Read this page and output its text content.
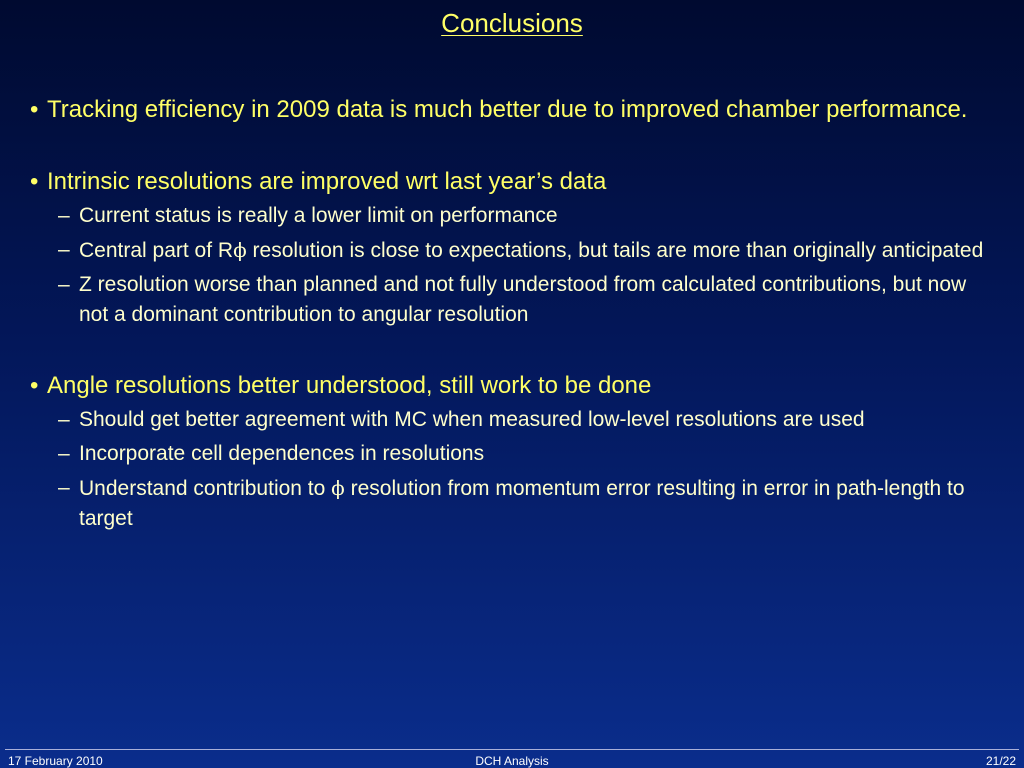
Conclusions
• Tracking efficiency in 2009 data is much better due to improved chamber performance.
• Intrinsic resolutions are improved wrt last year’s data
– Current status is really a lower limit on performance
– Central part of Rϕ resolution is close to expectations, but tails are more than originally anticipated
– Z resolution worse than planned and not fully understood from calculated contributions, but now not a dominant contribution to angular resolution
• Angle resolutions better understood, still work to be done
– Should get better agreement with MC when measured low-level resolutions are used
– Incorporate cell dependences in resolutions
– Understand contribution to ϕ resolution from momentum error resulting in error in path-length to target
17 February 2010	DCH Analysis	21/22
